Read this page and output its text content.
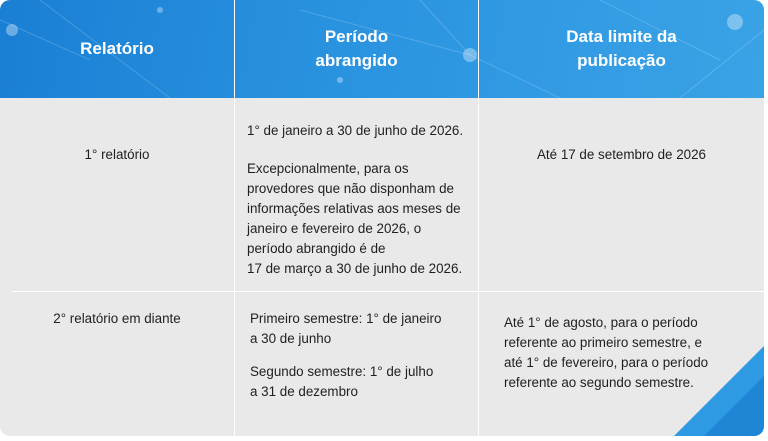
Relatório
Período
abrangido
Data limite da
publicação
1° relatório
1° de janeiro a 30 de junho de 2026.
Excepcionalmente, para os
provedores que não disponham de
informações relativas aos meses de
janeiro e fevereiro de 2026, o
período abrangido é de
17 de março a 30 de junho de 2026.
Até 17 de setembro de 2026
2° relatório em diante	Primeiro semestre: 1° de janeiro
a 30 de junho
Segundo semestre: 1° de julho
a 31 de dezembro
Até 1° de agosto, para o período
referente ao primeiro semestre, e
até 1° de fevereiro, para o período
referente ao segundo semestre.
